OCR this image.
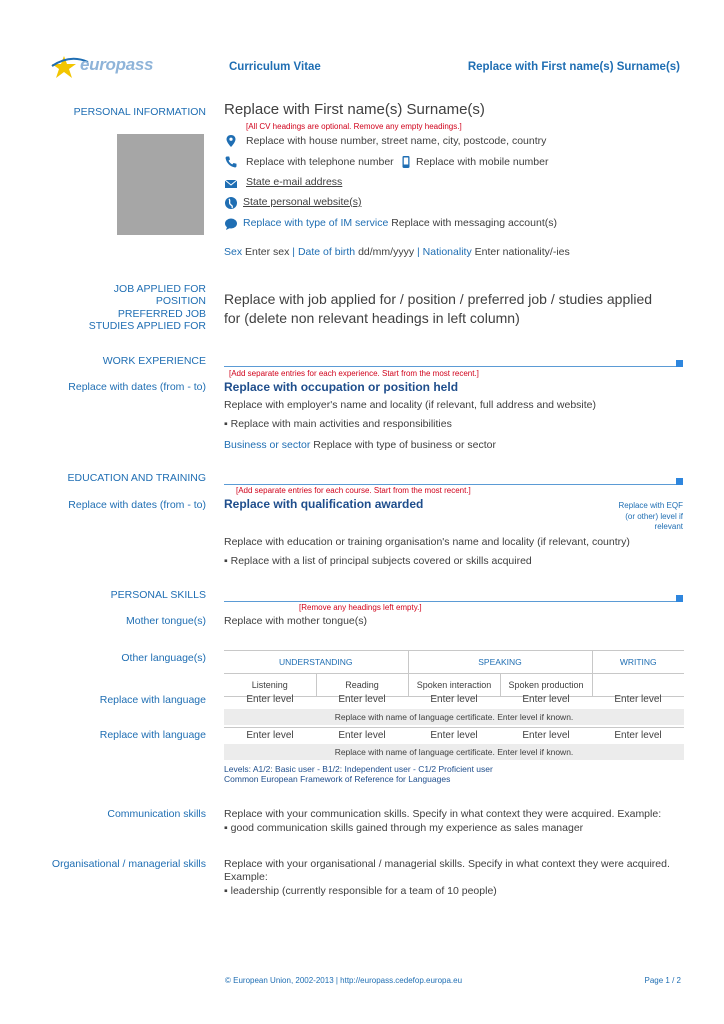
europass	Curriculum Vitae	Replace with First name(s) Surname(s)
PERSONAL INFORMATION Replace with First name(s) Surname(s)
[All CV headings are optional. Remove any empty headings.]
Replace with house number, street name, city, postcode, country
Replace with telephone number Replace with mobile number
State e-mail address
State personal website(s)
Replace with type of IM service Replace with messaging account(s)
Sex Enter sex | Date of birth dd/mm/yyyy | Nationality Enter nationality/-ies
JOB APPLIED FOR
POSITION
PREFERRED JOB
STUDIES APPLIED FOR
Replace with job applied for / position / preferred job / studies applied
for (delete non relevant headings in left column)
WORK EXPERIENCE
[Add separate entries for each experience. Start from the most recent.]
Replace with dates (from - to) Replace with occupation or position held
Replace with employer's name and locality (if relevant, full address and website)
▪ Replace with main activities and responsibilities
Business or sector Replace with type of business or sector
EDUCATION AND TRAINING
[Add separate entries for each course. Start from the most recent.]
Replace with dates (from - to) Replace with qualification awarded	Replace with EQF
(or other) level if
relevant
Replace with education or training organisation's name and locality (if relevant, country)
▪ Replace with a list of principal subjects covered or skills acquired
PERSONAL SKILLS
[Remove any headings left empty.]
Mother tongue(s) Replace with mother tongue(s)
Other language(s)	UNDERSTANDING		SPEAKING		WRITING
Listening	Reading	Spoken interaction	Spoken production	
Replace with language	Enter level	Enter level	Enter level	Enter level	Enter level
Replace with name of language certificate. Enter level if known.
Replace with language	Enter level	Enter level	Enter level	Enter level	Enter level
Replace with name of language certificate. Enter level if known.
Levels: A1/2: Basic user - B1/2: Independent user - C1/2 Proficient user
Common European Framework of Reference for Languages
Communication skills Replace with your communication skills. Specify in what context they were acquired. Example:
▪ good communication skills gained through my experience as sales manager
Organisational / managerial skills Replace with your organisational / managerial skills. Specify in what context they were acquired.
Example:
▪ leadership (currently responsible for a team of 10 people)
© European Union, 2002-2013 | http://europass.cedefop.europa.eu	Page 1 / 2
